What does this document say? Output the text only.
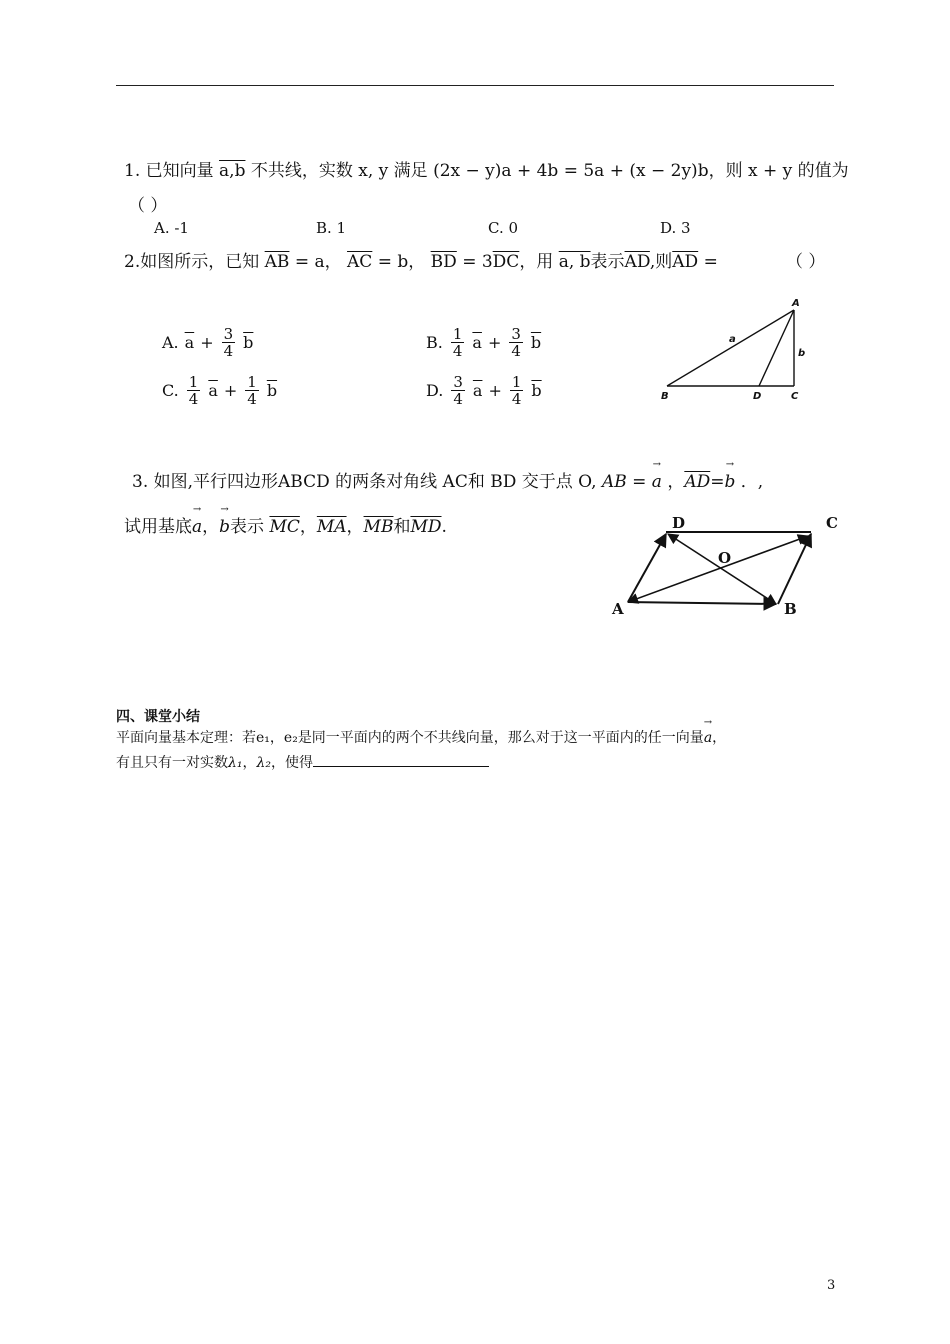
1. 已知向量 a,b 不共线，实数 x, y 满足 (2x − y)a + 4b = 5a + (x − 2y)b，则 x + y 的值为
（ ）
A. -1	B. 1	C. 0	D. 3
2.如图所示，已知 $\overline{AB} = a$， $\overline{AC} = b$， $\overline{BD} = 3\overline{DC}$，用 a, b表示$\overline{AD}$,则$\overline{AD}$ =	（ ）
A. $\overline{a} + \frac{3}{4} \overline{b}$	B. $\frac{1}{4} \overline{a} + \frac{3}{4} \overline{b}$
C. $\frac{1}{4} \overline{a} + \frac{1}{4} \overline{b}$	D. $\frac{3}{4} \overline{a} + \frac{1}{4} \overline{b}$
A
B	C
D
a
b
3. 如图,平行四边形ABCD 的两条对角线 AC和 BD 交于点 O, AB = → a ，$\overline{AD}=\to b$ ．,
试用基底→ a，→ b表示 $\overline{MC}$，$\overline{MA}$，$\overline{MB}$和$\overline{MD}$.
A	B
C
D
O
四、课堂小结
平面向量基本定理：若e₁，e₂是同一平面内的两个不共线向量，那么对于这一平面内的任一向量→ a，
有且只有一对实数λ₁，λ₂，使得
3
